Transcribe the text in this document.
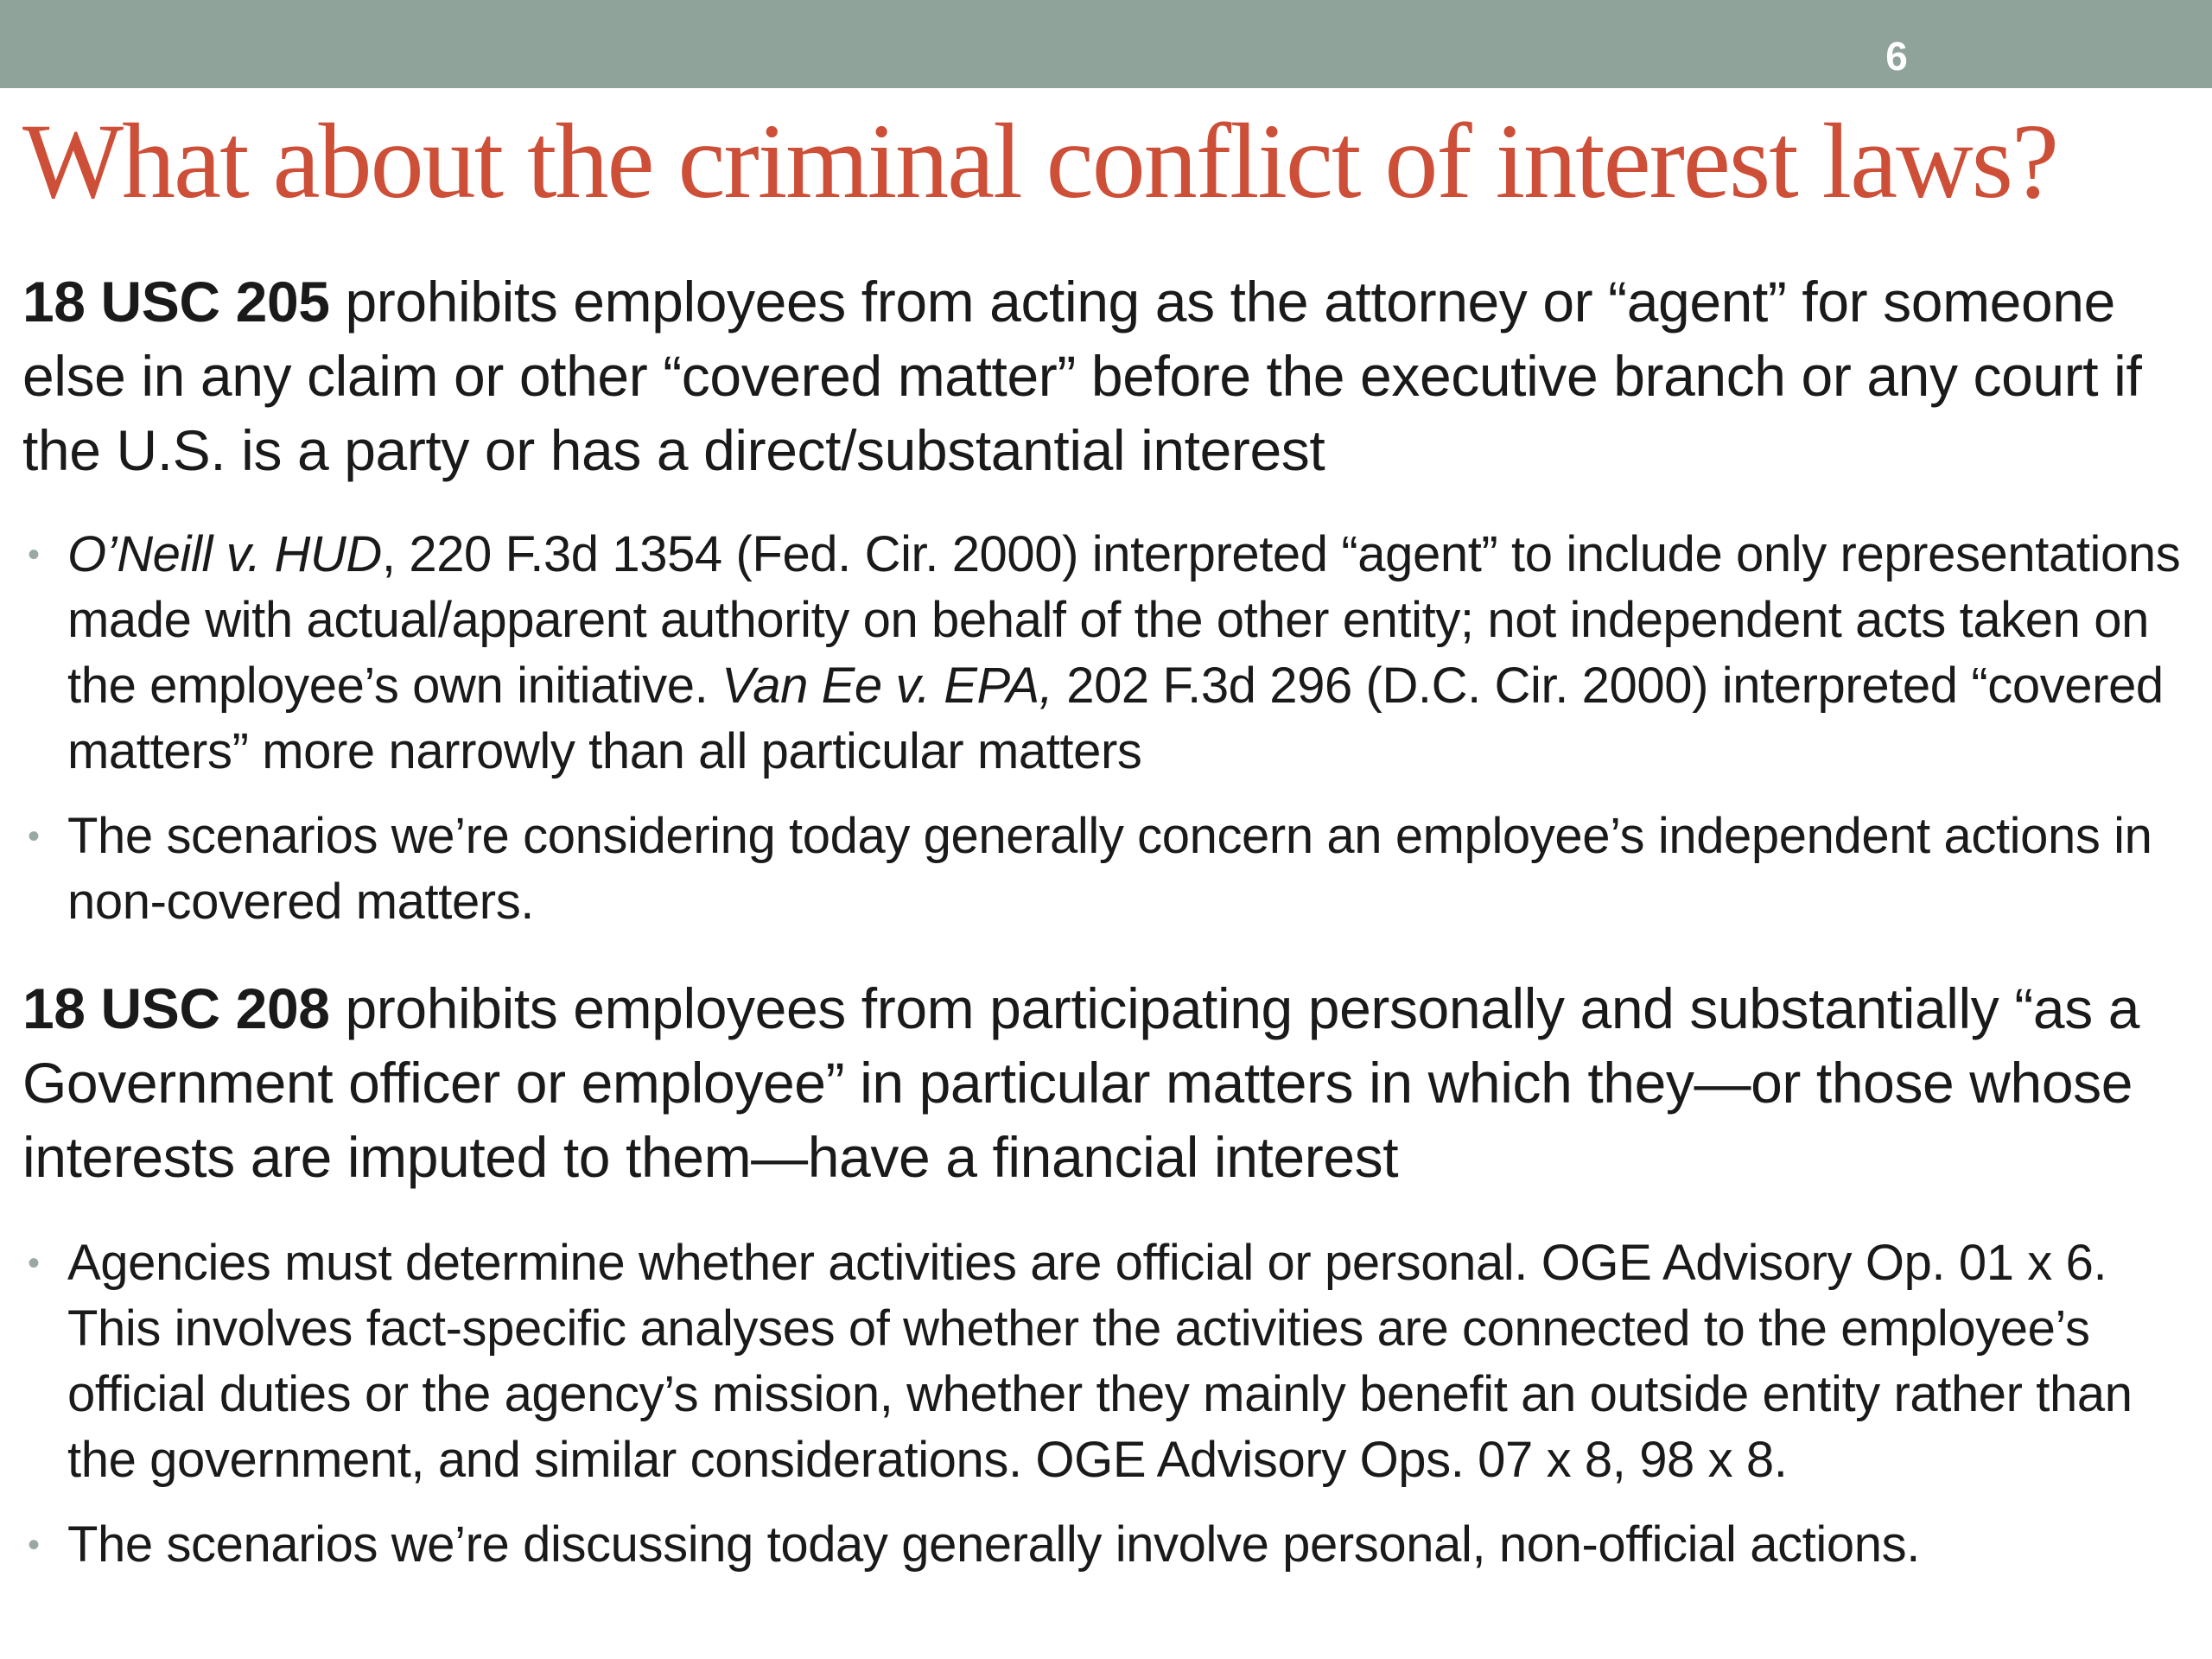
6
What about the criminal conflict of interest laws?

18 USC 205 prohibits employees from acting as the attorney or “agent” for someone else in any claim or other “covered matter” before the executive branch or any court if the U.S. is a party or has a direct/substantial interest

• O’Neill v. HUD, 220 F.3d 1354 (Fed. Cir. 2000) interpreted “agent” to include only representations made with actual/apparent authority on behalf of the other entity; not independent acts taken on the employee’s own initiative. Van Ee v. EPA, 202 F.3d 296 (D.C. Cir. 2000) interpreted “covered matters” more narrowly than all particular matters
• The scenarios we’re considering today generally concern an employee’s independent actions in non-covered matters.

18 USC 208 prohibits employees from participating personally and substantially “as a Government officer or employee” in particular matters in which they—or those whose interests are imputed to them—have a financial interest

• Agencies must determine whether activities are official or personal. OGE Advisory Op. 01 x 6. This involves fact-specific analyses of whether the activities are connected to the employee’s official duties or the agency’s mission, whether they mainly benefit an outside entity rather than the government, and similar considerations. OGE Advisory Ops. 07 x 8, 98 x 8.
• The scenarios we’re discussing today generally involve personal, non-official actions.
